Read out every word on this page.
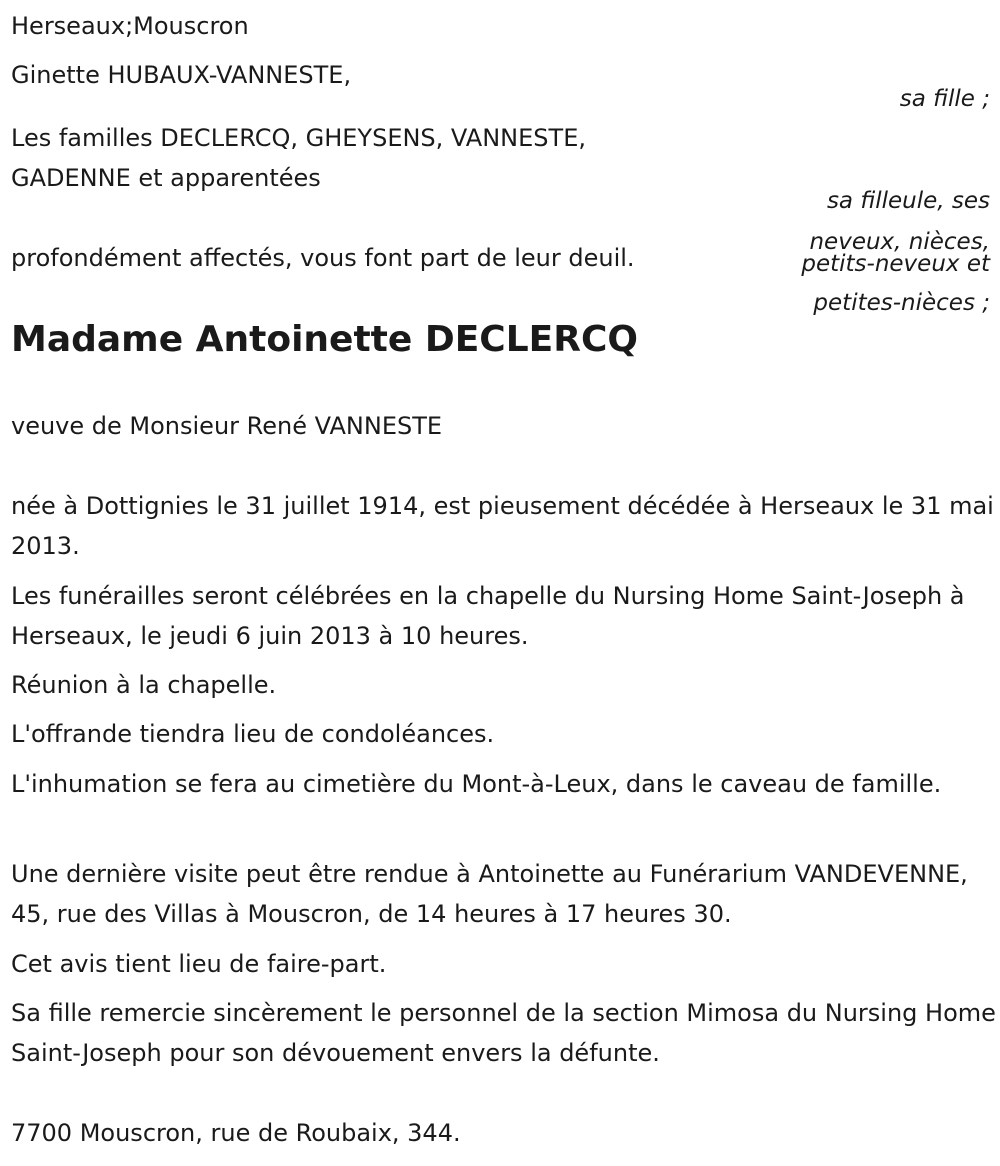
Herseaux;Mouscron
Ginette HUBAUX-VANNESTE,
sa fille ;
Les familles DECLERCQ, GHEYSENS, VANNESTE,
GADENNE et apparentées
sa filleule, ses
neveux, nièces,
petits-neveux et
petites-nièces ;
profondément affectés, vous font part de leur deuil.
Madame Antoinette DECLERCQ
veuve de Monsieur René VANNESTE
née à Dottignies le 31 juillet 1914, est pieusement décédée à Herseaux le 31 mai 2013.
Les funérailles seront célébrées en la chapelle du Nursing Home Saint-Joseph à Herseaux, le jeudi 6 juin 2013 à 10 heures.
Réunion à la chapelle.
L'offrande tiendra lieu de condoléances.
L'inhumation se fera au cimetière du Mont-à-Leux, dans le caveau de famille.
Une dernière visite peut être rendue à Antoinette au Funérarium VANDEVENNE, 45, rue des Villas à Mouscron, de 14 heures à 17 heures 30.
Cet avis tient lieu de faire-part.
Sa fille remercie sincèrement le personnel de la section Mimosa du Nursing Home Saint-Joseph pour son dévouement envers la défunte.
7700 Mouscron, rue de Roubaix, 344.
